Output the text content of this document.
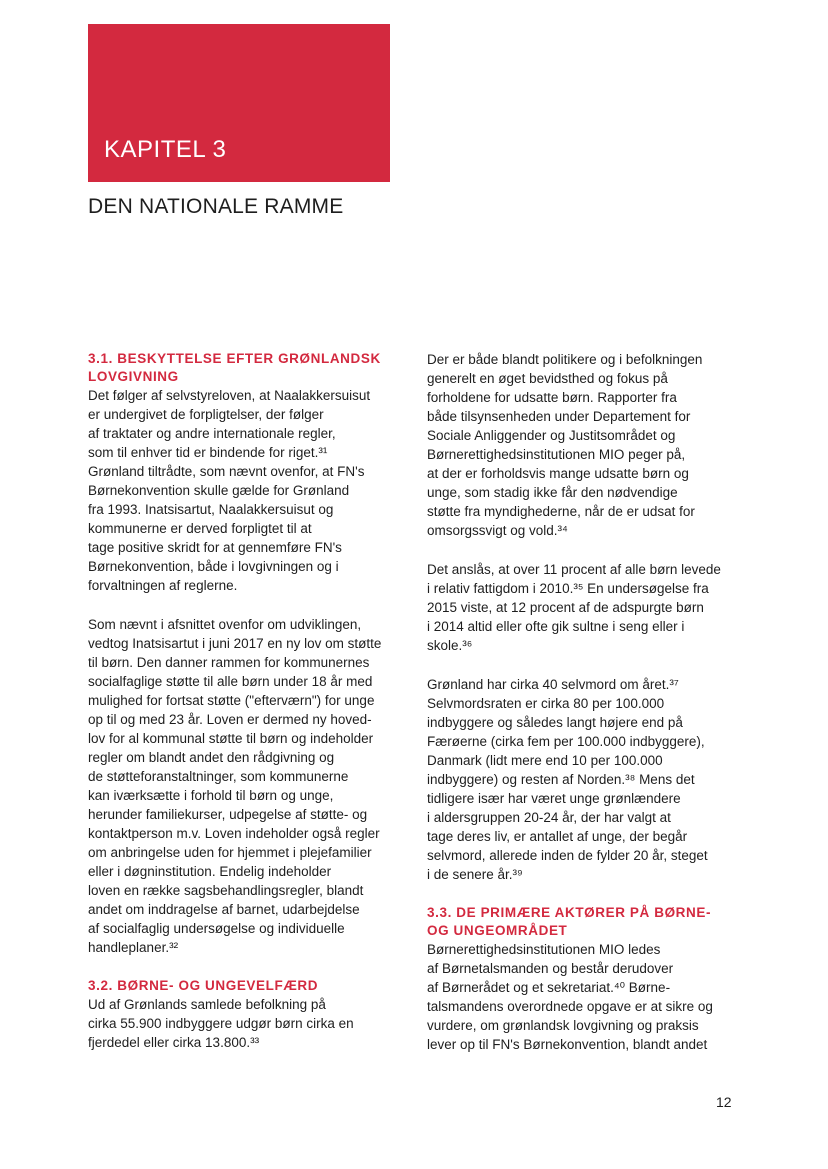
KAPITEL 3
DEN NATIONALE RAMME
3.1. BESKYTTELSE EFTER GRØNLANDSK
LOVGIVNING

Det følger af selvstyreloven, at Naalakkersuisut
er undergivet de forpligtelser, der følger
af traktater og andre internationale regler,
som til enhver tid er bindende for riget.³¹
Grønland tiltrådte, som nævnt ovenfor, at FN's
Børnekonvention skulle gælde for Grønland
fra 1993. Inatsisartut, Naalakkersuisut og
kommunerne er derved forpligtet til at
tage positive skridt for at gennemføre FN's
Børnekonvention, både i lovgivningen og i
forvaltningen af reglerne.

Som nævnt i afsnittet ovenfor om udviklingen,
vedtog Inatsisartut i juni 2017 en ny lov om støtte
til børn. Den danner rammen for kommunernes
socialfaglige støtte til alle børn under 18 år med
mulighed for fortsat støtte ("efterværn") for unge
op til og med 23 år. Loven er dermed ny hoved-
lov for al kommunal støtte til børn og indeholder
regler om blandt andet den rådgivning og
de støtteforanstaltninger, som kommunerne
kan iværksætte i forhold til børn og unge,
herunder familiekurser, udpegelse af støtte- og
kontaktperson m.v. Loven indeholder også regler
om anbringelse uden for hjemmet i plejefamilier
eller i døgninstitution. Endelig indeholder
loven en række sagsbehandlingsregler, blandt
andet om inddragelse af barnet, udarbejdelse
af socialfaglig undersøgelse og individuelle
handleplaner.³²

3.2. BØRNE- OG UNGEVELFÆRD

Ud af Grønlands samlede befolkning på
cirka 55.900 indbyggere udgør børn cirka en
fjerdedel eller cirka 13.800.³³

Der er både blandt politikere og i befolkningen
generelt en øget bevidsthed og fokus på
forholdene for udsatte børn. Rapporter fra
både tilsynsenheden under Departement for
Sociale Anliggender og Justitsområdet og
Børnerettighedsinstitutionen MIO peger på,
at der er forholdsvis mange udsatte børn og
unge, som stadig ikke får den nødvendige
støtte fra myndighederne, når de er udsat for
omsorgssvigt og vold.³⁴

Det anslås, at over 11 procent af alle børn levede
i relativ fattigdom i 2010.³⁵ En undersøgelse fra
2015 viste, at 12 procent af de adspurgte børn
i 2014 altid eller ofte gik sultne i seng eller i
skole.³⁶

Grønland har cirka 40 selvmord om året.³⁷
Selvmordsraten er cirka 80 per 100.000
indbyggere og således langt højere end på
Færøerne (cirka fem per 100.000 indbyggere),
Danmark (lidt mere end 10 per 100.000
indbyggere) og resten af Norden.³⁸ Mens det
tidligere især har været unge grønlændere
i aldersgruppen 20-24 år, der har valgt at
tage deres liv, er antallet af unge, der begår
selvmord, allerede inden de fylder 20 år, steget
i de senere år.³⁹

3.3. DE PRIMÆRE AKTØRER PÅ BØRNE-
OG UNGEOMRÅDET

Børnerettighedsinstitutionen MIO ledes
af Børnetalsmanden og består derudover
af Børnerådet og et sekretariat.⁴⁰ Børne-
talsmandens overordnede opgave er at sikre og
vurdere, om grønlandsk lovgivning og praksis
lever op til FN's Børnekonvention, blandt andet

12
